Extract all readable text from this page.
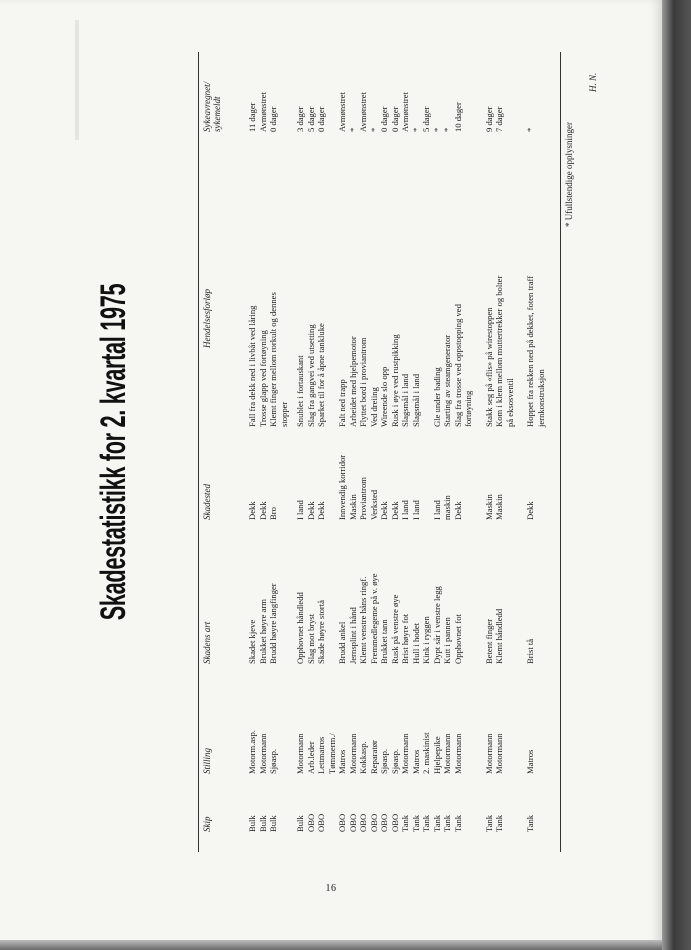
Skadestatistikk for 2. kvartal 1975
Skip
Stilling
Skadens art
Skadested
Hendelsesforløp
Sykeavregnet/ sykemeldt
Bulk
Motorm.asp.
Skadet kjeve
Dekk
Fall fra dekk ned i livbåt ved låring
11 dager
Bulk
Motormann
Brukket høyre arm
Dekk
Trosse glapp ved fortøyning
Avmønstret
Bulk
Sjøasp.
Brudd høyre langfinger
Bro
Klemt finger mellom rorkult og dennes
0 dager
stopper
Bulk
Motormann
Opphovnet håndledd
I land
Snublet i fortauskant
3 dager
OBO
Arb.leder
Slag mot bryst
Dekk
Slag fra gangvei ved utsetting
5 dager
OBO
Lettmatros
Skade høyre stortå
Dekk
Sparket til for å åpne tankluke
0 dager
Tømmerm./
OBO
Matros
Brudd ankel
Innvendig korridor
Falt ned trapp
Avmønstret
OBO
Motormann
Jernsplint i hånd
Maskin
Arbeidet med hjelpemotor
*
OBO
Kokkasp.
Klemt venstre håns ringf.
Proviantrom
Flyttet bord i proviantrom
Avmønstret
OBO
Reparatør
Fremmedlegeme på v. øye
Verksted
Ved dreiing
*
OBO
Sjøasp.
Brukket tann
Dekk
Wireende slo opp
0 dager
OBO
Sjøasp.
Rusk på venstre øye
Dekk
Rusk i øye ved rustpikking
0 dager
Tank
Motormann
Brist høyre fot
I land
Slagsmål i land
Avmønstret
Tank
Matros
Hull i hodet
I land
Slagsmål i land
*
Tank
2. maskinist
Kink i ryggen
5 dager
Tank
Hjelpepike
Dypt sår i venstre legg
I land
Gle under bading
*
Tank
Motormann
Kutt i pannen
maskin
Starting av steamgenerator
*
Tank
Motormann
Opphovnet fot
Dekk
Slag fra trosse ved oppstopping ved
10 dager
fortøyning
Tank
Motormann
Betent finger
Maskin
Stakk seg på «flis» på wirestoppen
9 dager
Tank
Motormann
Klemt håndledd
Maskin
Kom i klem mellom muttertrekker og bolter
7 dager
på eksosventil
Tank
Matros
Brist tå
Dekk
Hoppet fra rekken ned på dekket, foten traff
*
jernkonstruksjon
* Ufullstendige opplysninger
H. N.
16
